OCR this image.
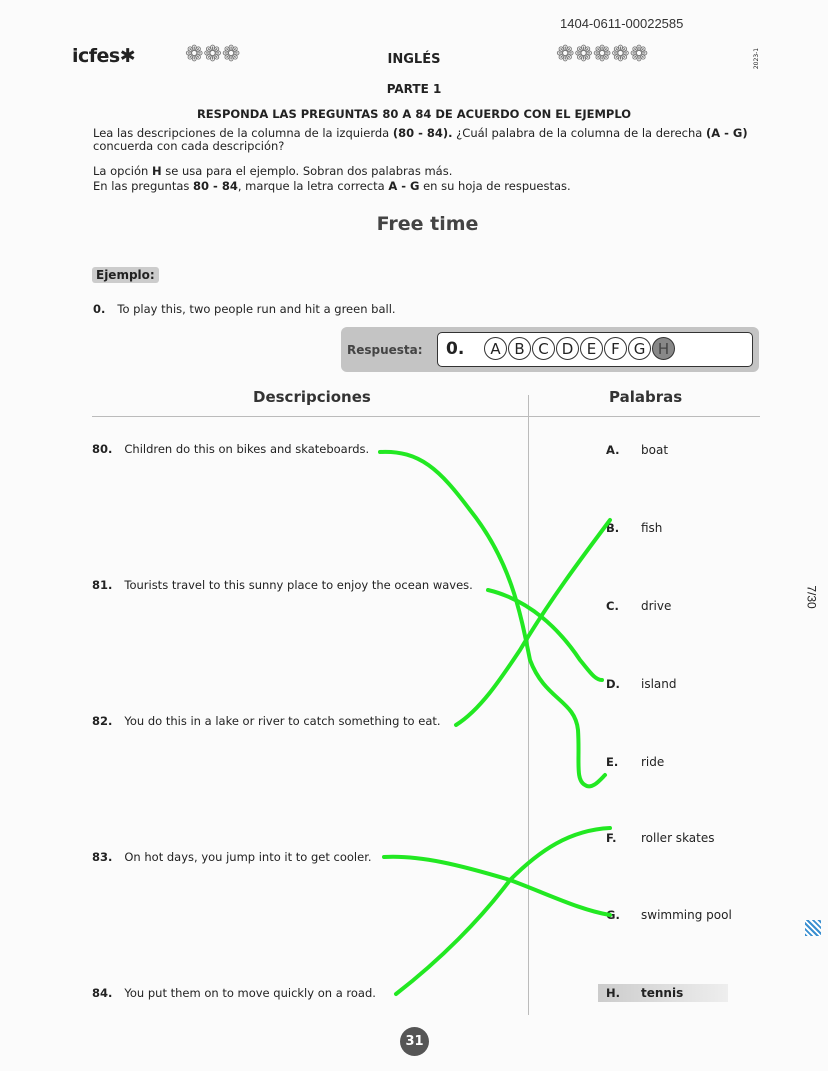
1404-0611-00022585
icfes✱ ❁❁❁	❁❁❁❁❁	2023-1
INGLÉS
PARTE 1
RESPONDA LAS PREGUNTAS 80 A 84 DE ACUERDO CON EL EJEMPLO
Lea las descripciones de la columna de la izquierda (80 - 84). ¿Cuál palabra de la columna de la derecha (A - G)
concuerda con cada descripción?
La opción H se usa para el ejemplo. Sobran dos palabras más.
En las preguntas 80 - 84, marque la letra correcta A - G en su hoja de respuestas.
Free time
Ejemplo:
0. To play this, two people run and hit a green ball.
Respuesta: 0.	A B C D E F G H
Descripciones	Palabras
80. Children do this on bikes and skateboards.
81. Tourists travel to this sunny place to enjoy the ocean waves.
82. You do this in a lake or river to catch something to eat.
83. On hot days, you jump into it to get cooler.
84. You put them on to move quickly on a road.
A. boat
B. fish
C. drive
D. island
E. ride
F. roller skates
G. swimming pool
H. tennis
31
7/30
